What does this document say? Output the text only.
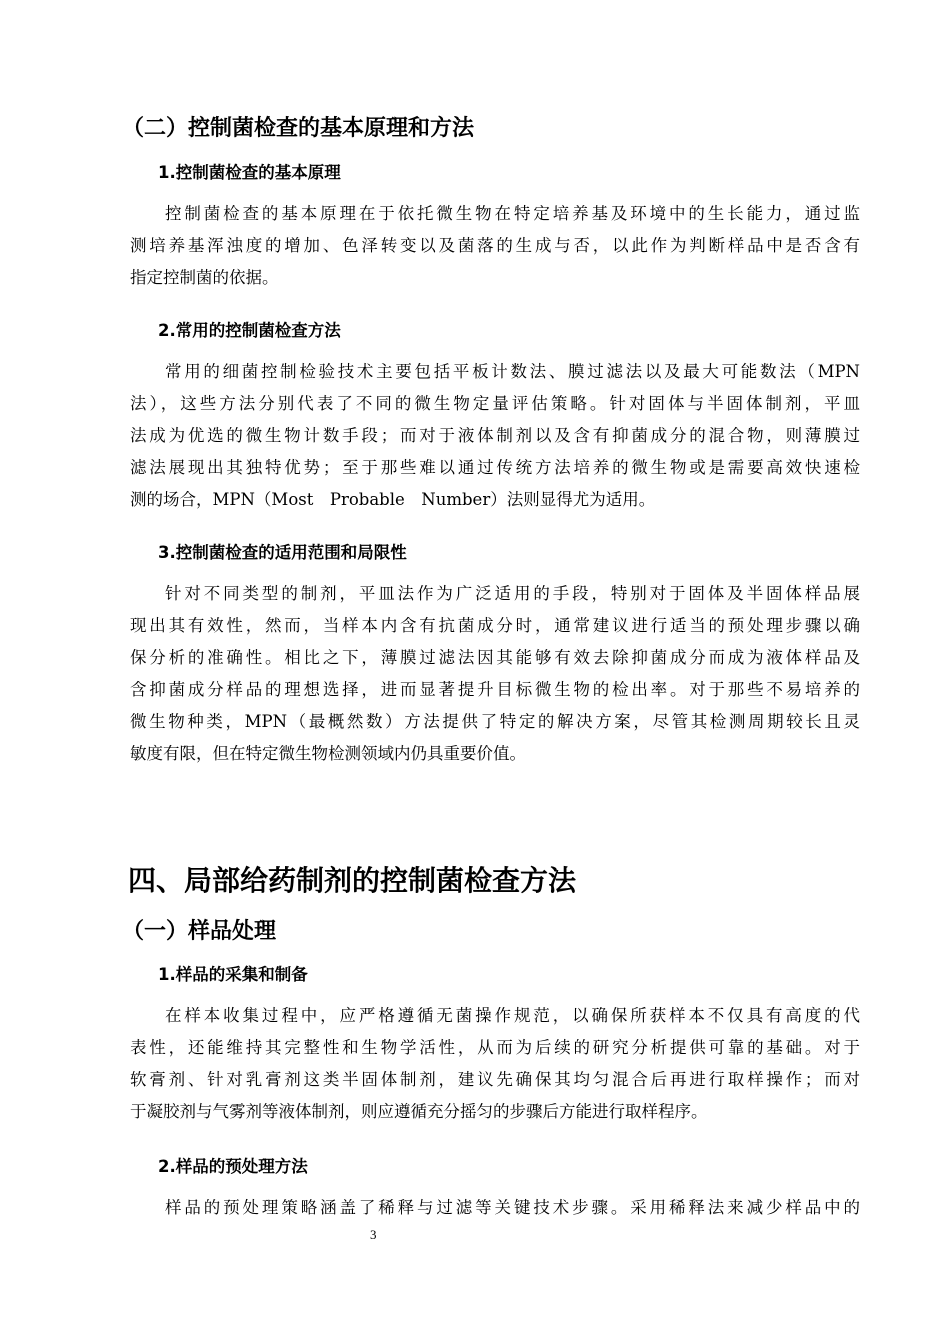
（二）控制菌检查的基本原理和方法
1.控制菌检查的基本原理
控制菌检查的基本原理在于依托微生物在特定培养基及环境中的生长能力，通过监
测培养基浑浊度的增加、色泽转变以及菌落的生成与否，以此作为判断样品中是否含有
指定控制菌的依据。
2.常用的控制菌检查方法
常用的细菌控制检验技术主要包括平板计数法、膜过滤法以及最大可能数法（MPN
法），这些方法分别代表了不同的微生物定量评估策略。针对固体与半固体制剂，平皿
法成为优选的微生物计数手段；而对于液体制剂以及含有抑菌成分的混合物，则薄膜过
滤法展现出其独特优势；至于那些难以通过传统方法培养的微生物或是需要高效快速检
测的场合，MPN（Most　Probable　Number）法则显得尤为适用。
3.控制菌检查的适用范围和局限性
针对不同类型的制剂，平皿法作为广泛适用的手段，特别对于固体及半固体样品展
现出其有效性，然而，当样本内含有抗菌成分时，通常建议进行适当的预处理步骤以确
保分析的准确性。相比之下，薄膜过滤法因其能够有效去除抑菌成分而成为液体样品及
含抑菌成分样品的理想选择，进而显著提升目标微生物的检出率。对于那些不易培养的
微生物种类，MPN（最概然数）方法提供了特定的解决方案，尽管其检测周期较长且灵
敏度有限，但在特定微生物检测领域内仍具重要价值。
四、局部给药制剂的控制菌检查方法
（一）样品处理
1.样品的采集和制备
在样本收集过程中，应严格遵循无菌操作规范，以确保所获样本不仅具有高度的代
表性，还能维持其完整性和生物学活性，从而为后续的研究分析提供可靠的基础。对于
软膏剂、针对乳膏剂这类半固体制剂，建议先确保其均匀混合后再进行取样操作；而对
于凝胶剂与气雾剂等液体制剂，则应遵循充分摇匀的步骤后方能进行取样程序。
2.样品的预处理方法
样品的预处理策略涵盖了稀释与过滤等关键技术步骤。采用稀释法来减少样品中的
3
